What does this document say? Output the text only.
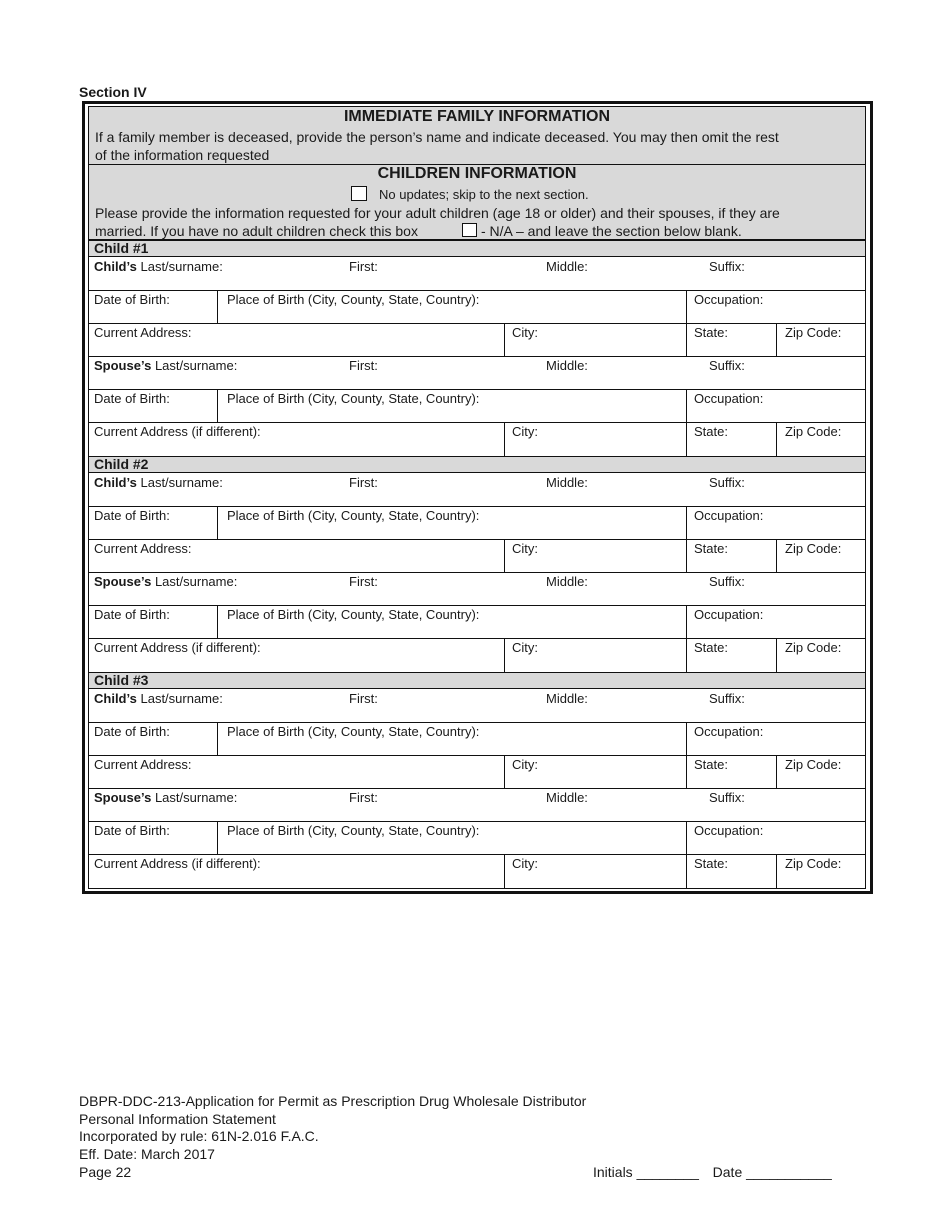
Section IV
IMMEDIATE FAMILY INFORMATION
If a family member is deceased, provide the person’s name and indicate deceased. You may then omit the rest
of the information requested
CHILDREN INFORMATION
No updates; skip to the next section.
Please provide the information requested for your adult children (age 18 or older) and their spouses, if they are
married. If you have no adult children check this box	- N/A – and leave the section below blank.
Child #1
Child’s Last/surname:	First:	Middle:	Suffix:
Date of Birth:	Place of Birth (City, County, State, Country):	Occupation:
Current Address:	City:	State:	Zip Code:
Spouse’s Last/surname:	First:	Middle:	Suffix:
Date of Birth:	Place of Birth (City, County, State, Country):	Occupation:
Current Address (if different):	City:	State:	Zip Code:
Child #2
Child’s Last/surname:	First:	Middle:	Suffix:
Date of Birth:	Place of Birth (City, County, State, Country):	Occupation:
Current Address:	City:	State:	Zip Code:
Spouse’s Last/surname:	First:	Middle:	Suffix:
Date of Birth:	Place of Birth (City, County, State, Country):	Occupation:
Current Address (if different):	City:	State:	Zip Code:
Child #3
Child’s Last/surname:	First:	Middle:	Suffix:
Date of Birth:	Place of Birth (City, County, State, Country):	Occupation:
Current Address:	City:	State:	Zip Code:
Spouse’s Last/surname:	First:	Middle:	Suffix:
Date of Birth:	Place of Birth (City, County, State, Country):	Occupation:
Current Address (if different):	City:	State:	Zip Code:
DBPR-DDC-213-Application for Permit as Prescription Drug Wholesale Distributor
Personal Information Statement
Incorporated by rule: 61N-2.016 F.A.C.
Eff. Date: March 2017
Page 22	Initials ________ Date ___________
